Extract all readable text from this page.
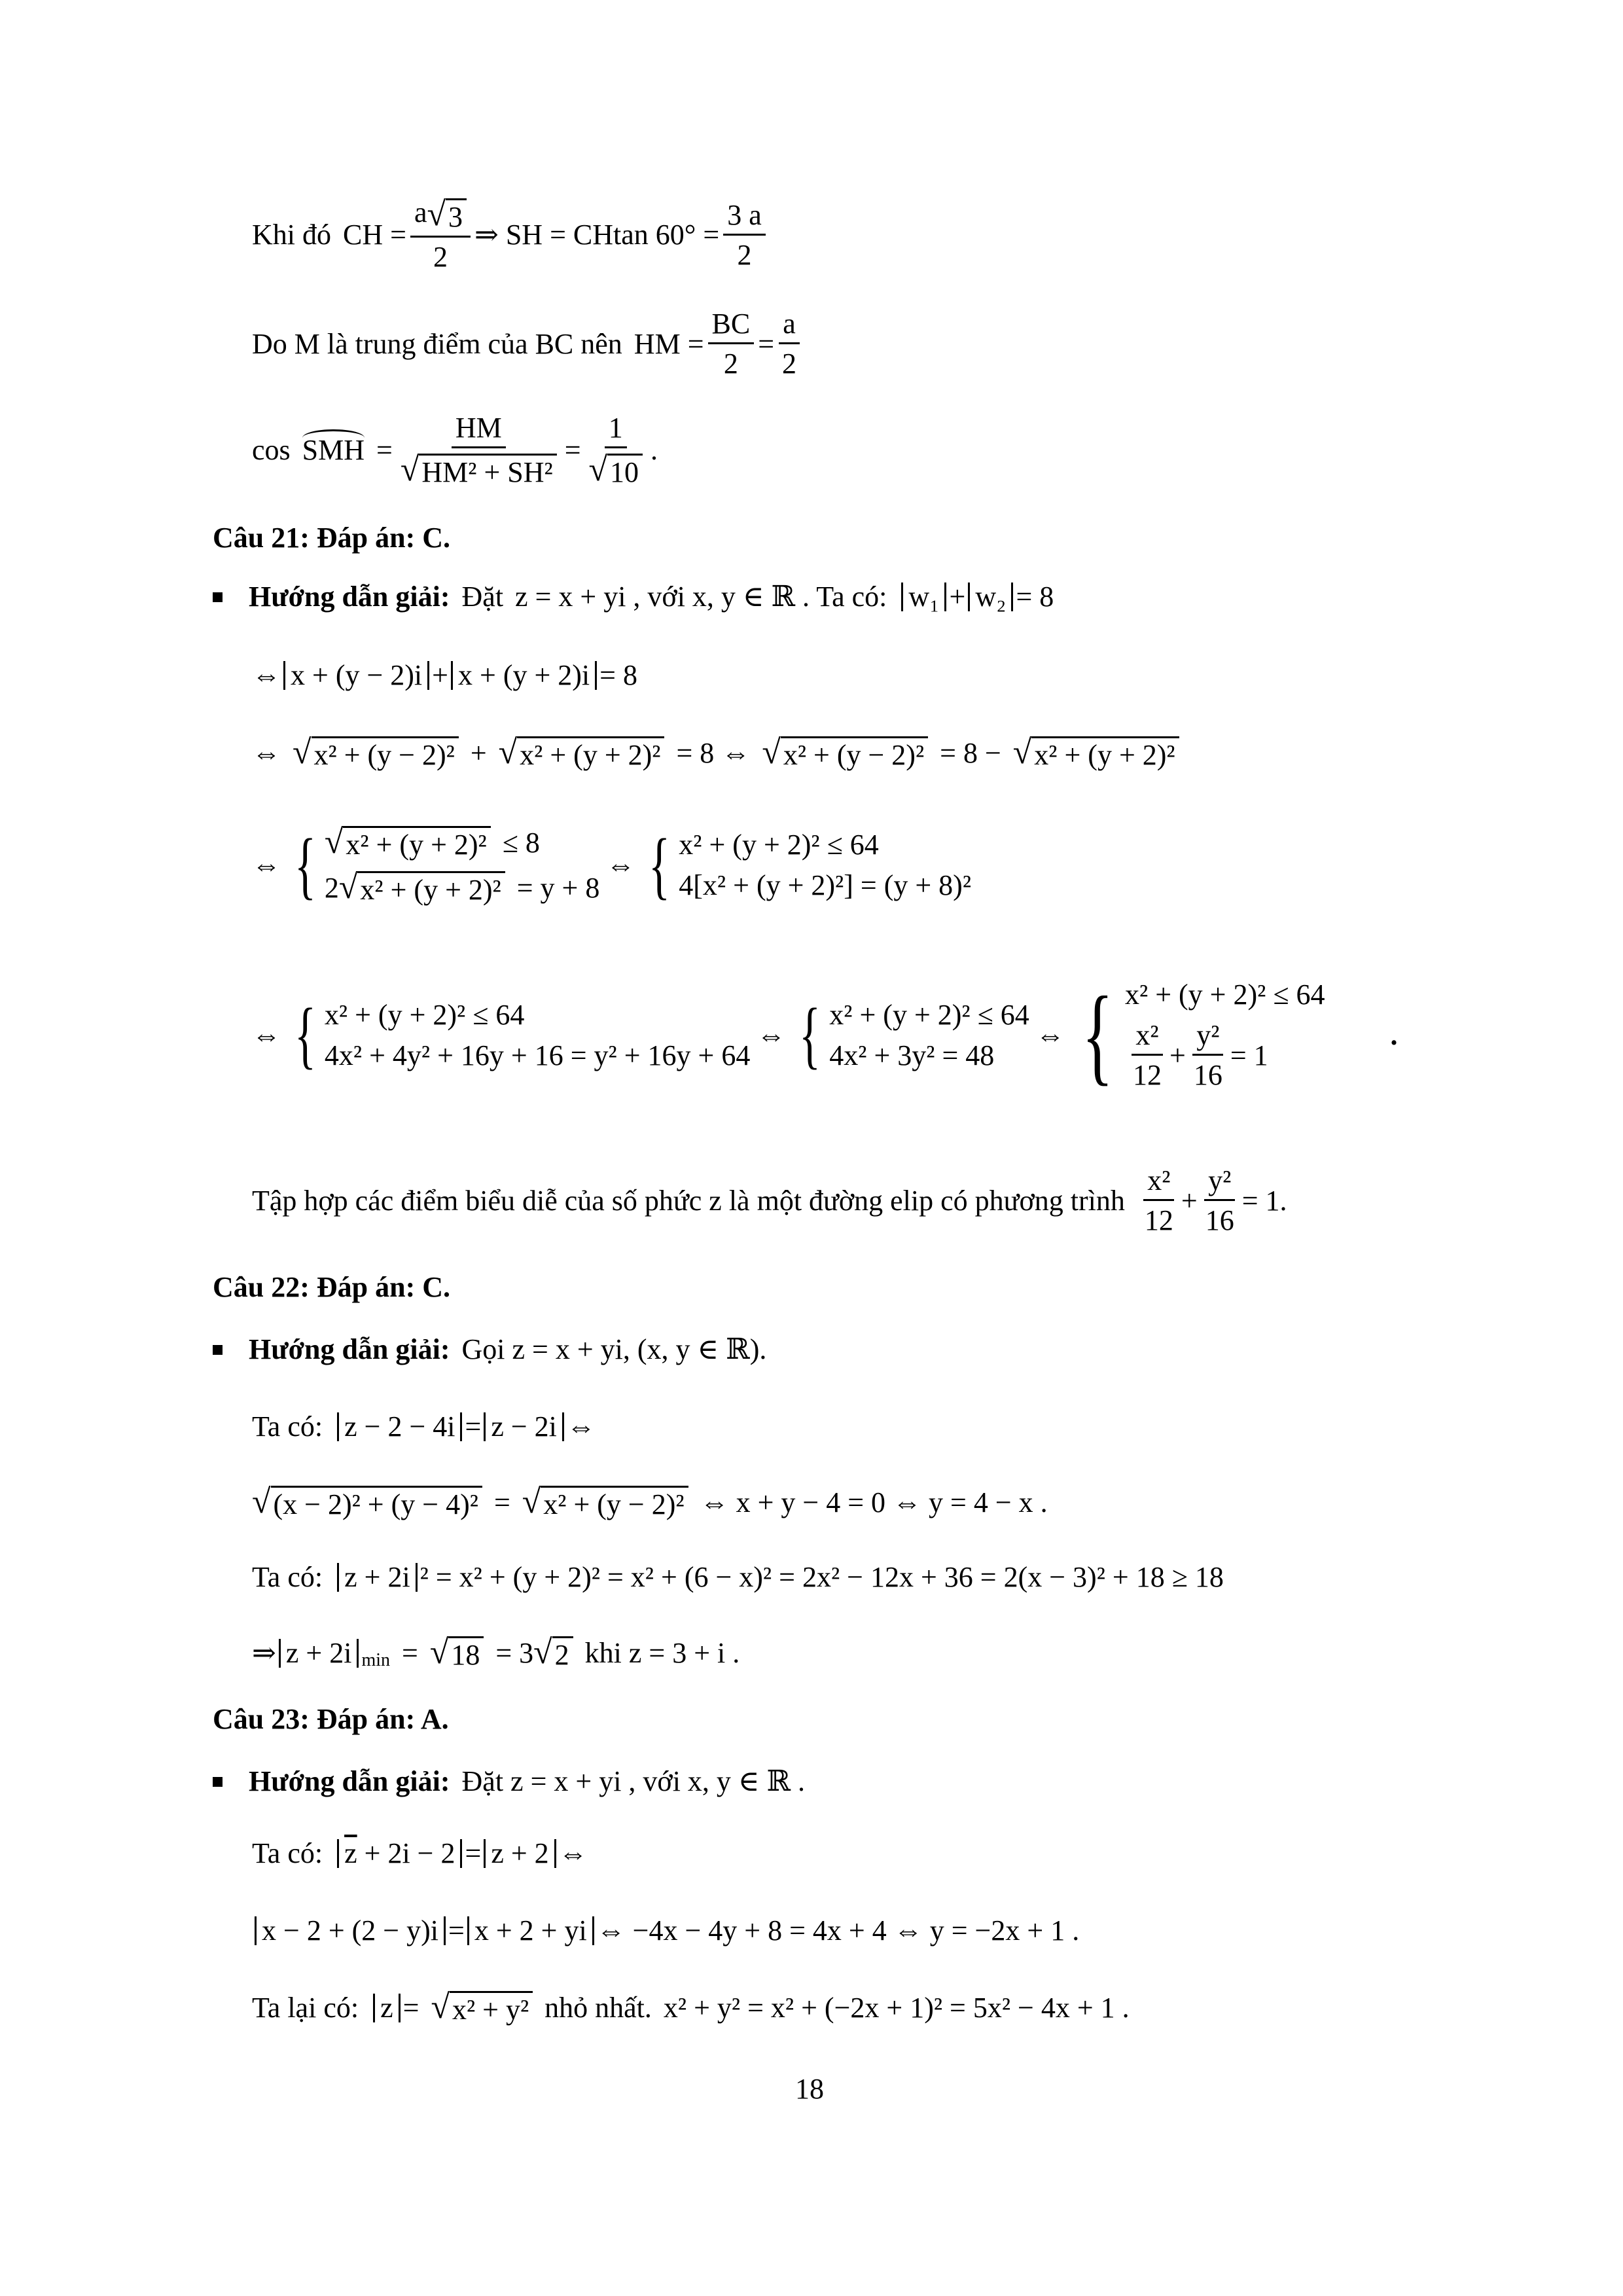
Khi đó CH = $\frac{a √ 3}{2}$ ⇒ SH = CHtan $60^\circ = \frac{3 a}{2}$
Do M là trung điểm của BC nên HM = $\frac{BC}{2} = \frac{a}{2}$
cos SMH = $\frac{HM}{\text{√ HM² + SH²}} = \frac{1}{√ 10}$ .
Câu 21: Đáp án: C.
Hướng dẫn giải: Đặt z = x + yi , với x, y ∈ ℝ . Ta có: w₁ + w₂ = 8
⇔ x + (y − 2)i + x + (y + 2)i = 8
⇔ √ x² + (y − 2)² + √ x² + (y + 2)² = 8 ⇔ √ x² + (y − 2)² = 8 − √ x² + (y + 2)²
⇔ { √ x² + (y + 2)² ≤ 8
2 √ x² + (y + 2)² = y + 8
⇔ { x² + (y + 2)² ≤ 64
4[x² + (y + 2)²] = (y + 8)²
⇔ { x² + (y + 2)² ≤ 64
4x² + 4y² + 16y + 16 = y² + 16y + 64
⇔ { x² + (y + 2)² ≤ 64
4x² + 3y² = 48
⇔ { x² + (y + 2)² ≤ 64
$\frac{\text{x²}}{12} + \frac{\text{y²}}{16} = 1$
.
Tập hợp các điểm biểu diễ của số phức z là một đường elip có phương trình $\frac{\text{x²}}{12} + \frac{\text{y²}}{16} = 1$.
Câu 22: Đáp án: C.
Hướng dẫn giải: Gọi z = x + yi, (x, y ∈ ℝ).
Ta có: z − 2 − 4i = z − 2i ⇔
√ (x − 2)² + (y − 4)² = √ x² + (y − 2)² ⇔ x + y − 4 = 0 ⇔ y = 4 − x .
Ta có: z + 2i ² = x² + (y + 2)² = x² + (6 − x)² = 2x² − 12x + 36 = 2(x − 3)² + 18 ≥ 18
⇒ z + 2i min = √ 18 = 3 √ 2 khi z = 3 + i .
Câu 23: Đáp án: A.
Hướng dẫn giải: Đặt z = x + yi , với x, y ∈ ℝ .
Ta có: $\overline{z} + 2i - 2 = z + 2$ ⇔
x − 2 + (2 − y)i = x + 2 + yi ⇔ −4x − 4y + 8 = 4x + 4 ⇔ y = −2x + 1 .
Ta lại có: z = √ x² + y² nhỏ nhất. x² + y² = x² + (−2x + 1)² = 5x² − 4x + 1 .
18
